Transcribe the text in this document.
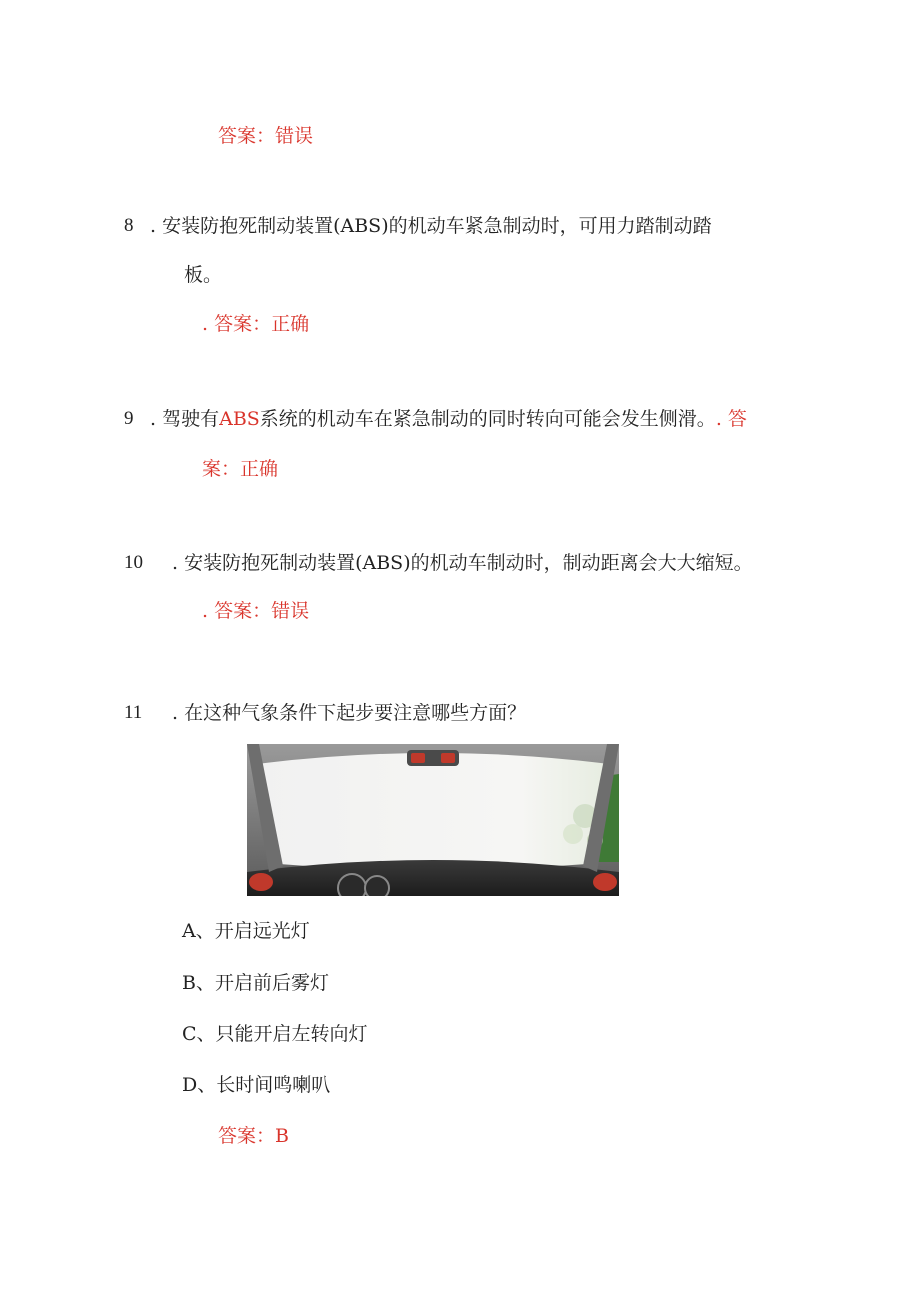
答案：错误
8 . 安装防抱死制动装置(ABS)的机动车紧急制动时，可用力踏制动踏
板。
. 答案：正确
9 . 驾驶有ABS系统的机动车在紧急制动的同时转向可能会发生侧滑。. 答
案：正确
10 . 安装防抱死制动装置(ABS)的机动车制动时，制动距离会大大缩短。
. 答案：错误
11 . 在这种气象条件下起步要注意哪些方面？
A、开启远光灯
B、开启前后雾灯
C、只能开启左转向灯
D、长时间鸣喇叭
答案：B
